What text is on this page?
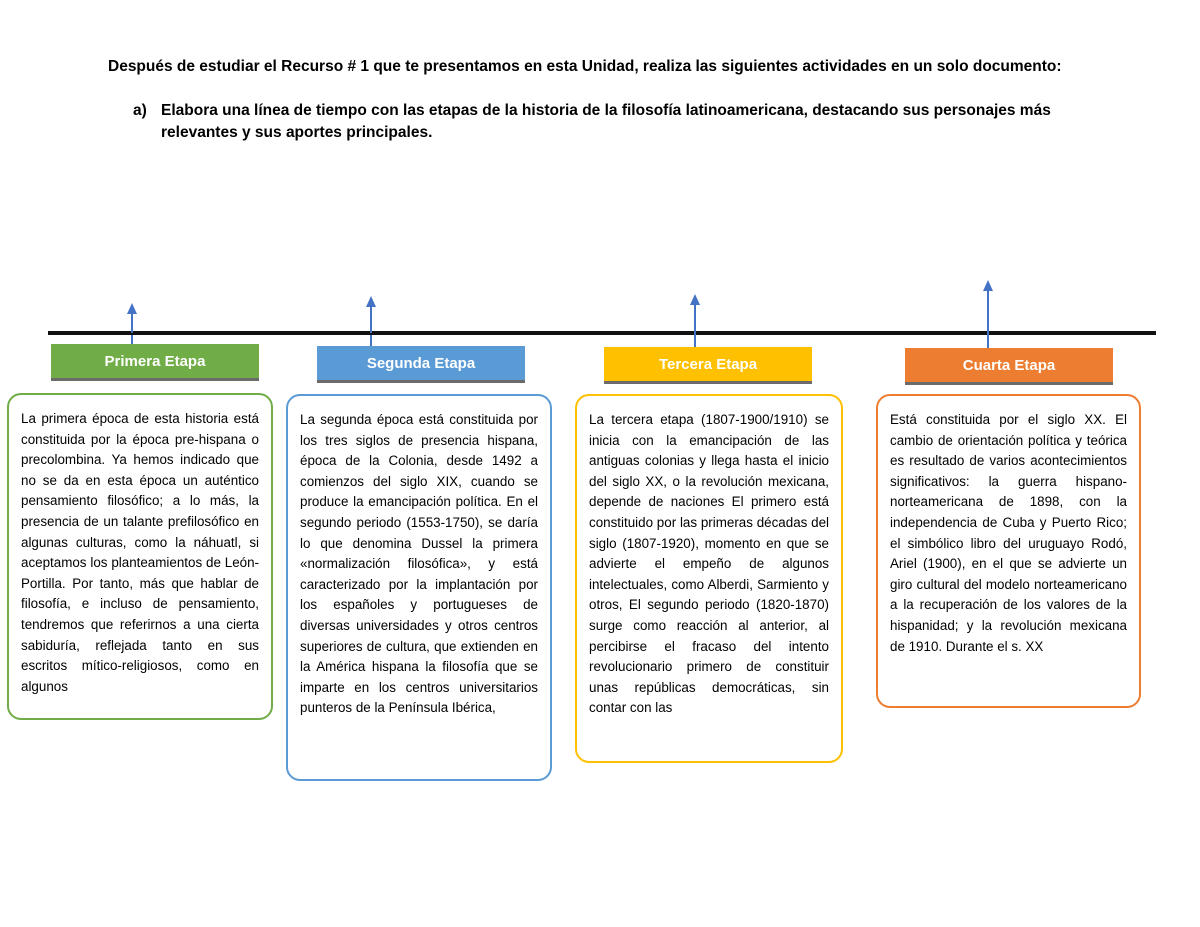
Después de estudiar el Recurso # 1 que te presentamos en esta Unidad, realiza las siguientes actividades en un solo documento:

a) Elabora una línea de tiempo con las etapas de la historia de la filosofía latinoamericana, destacando sus personajes más relevantes y sus aportes principales.
Primera Etapa	Segunda Etapa	Tercera Etapa	Cuarta Etapa
La primera época de esta historia está constituida por la época pre-hispana o precolombina. Ya hemos indicado que no se da en esta época un auténtico pensamiento filosófico; a lo más, la presencia de un talante prefilosófico en algunas culturas, como la náhuatl, si aceptamos los planteamientos de León-Portilla. Por tanto, más que hablar de filosofía, e incluso de pensamiento, tendremos que referirnos a una cierta sabiduría, reflejada tanto en sus escritos mítico-religiosos, como en algunos
La segunda época está constituida por los tres siglos de presencia hispana, época de la Colonia, desde 1492 a comienzos del siglo XIX, cuando se produce la emancipación política. En el segundo periodo (1553-1750), se daría lo que denomina Dussel la primera «normalización filosófica», y está caracterizado por la implantación por los españoles y portugueses de diversas universidades y otros centros superiores de cultura, que extienden en la América hispana la filosofía que se imparte en los centros universitarios punteros de la Península Ibérica,
La tercera etapa (1807-1900/1910) se inicia con la emancipación de las antiguas colonias y llega hasta el inicio del siglo XX, o la revolución mexicana, depende de naciones El primero está constituido por las primeras décadas del siglo (1807-1920), momento en que se advierte el empeño de algunos intelectuales, como Alberdi, Sarmiento y otros, El segundo periodo (1820-1870) surge como reacción al anterior, al percibirse el fracaso del intento revolucionario primero de constituir unas repúblicas democráticas, sin contar con las
Está constituida por el siglo XX. El cambio de orientación política y teórica es resultado de varios acontecimientos significativos: la guerra hispano-norteamericana de 1898, con la independencia de Cuba y Puerto Rico; el simbólico libro del uruguayo Rodó, Ariel (1900), en el que se advierte un giro cultural del modelo norteamericano a la recuperación de los valores de la hispanidad; y la revolución mexicana de 1910. Durante el s. XX
